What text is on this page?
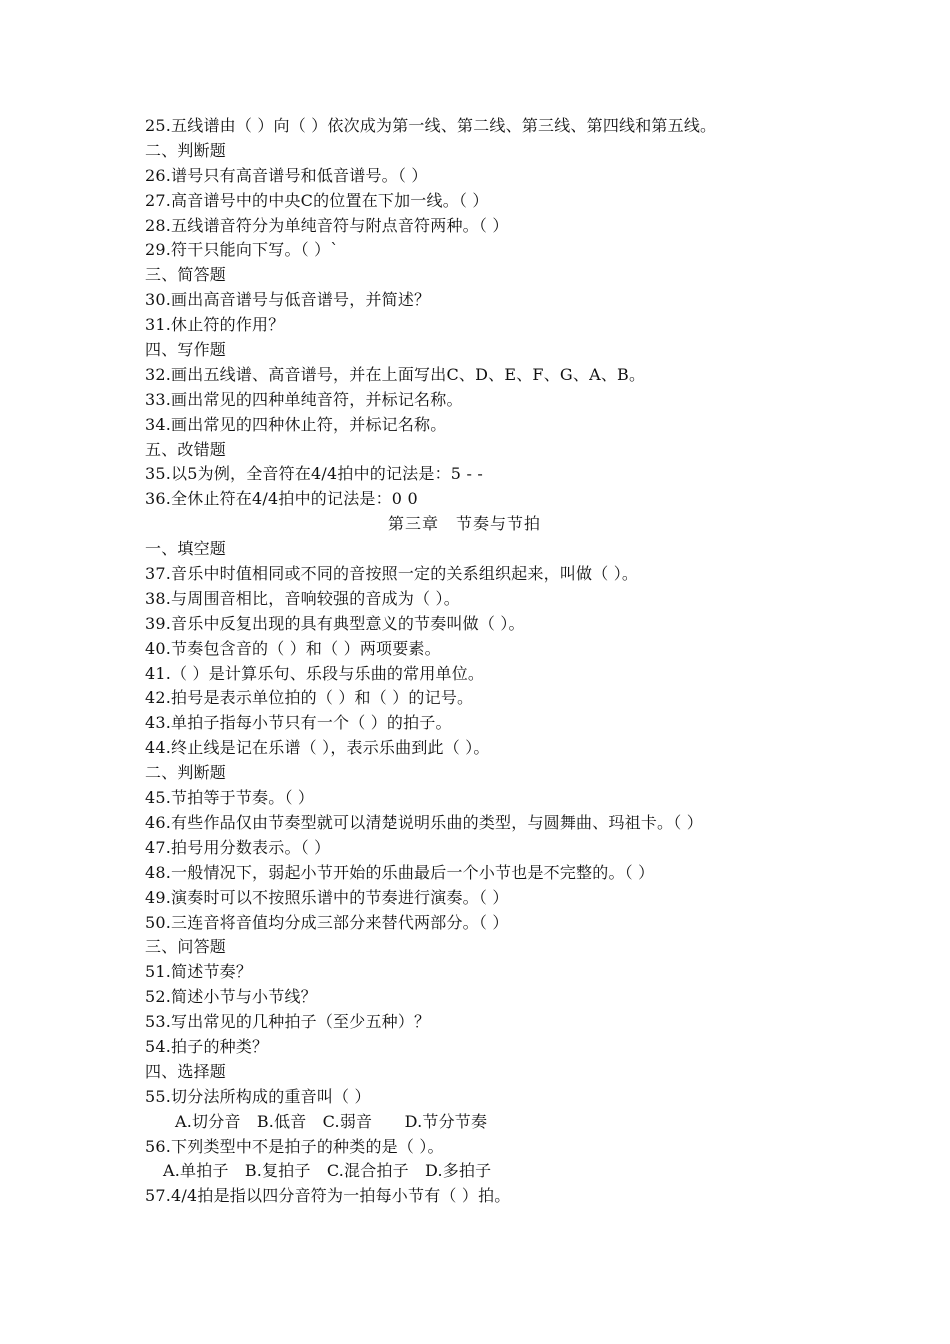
25.五线谱由（ ）向（ ）依次成为第一线、第二线、第三线、第四线和第五线。
二、判断题
26.谱号只有高音谱号和低音谱号。（ ）
27.高音谱号中的中央C的位置在下加一线。（ ）
28.五线谱音符分为单纯音符与附点音符两种。（ ）
29.符干只能向下写。（ ）`
三、简答题
30.画出高音谱号与低音谱号，并简述？
31.休止符的作用？
四、写作题
32.画出五线谱、高音谱号，并在上面写出C、D、E、F、G、A、B。
33.画出常见的四种单纯音符，并标记名称。
34.画出常见的四种休止符，并标记名称。
五、改错题
35.以5为例，全音符在4/4拍中的记法是：5 - -
36.全休止符在4/4拍中的记法是：0 0
第三章　节奏与节拍
一、填空题
37.音乐中时值相同或不同的音按照一定的关系组织起来，叫做（ ）。
38.与周围音相比，音响较强的音成为（ ）。
39.音乐中反复出现的具有典型意义的节奏叫做（ ）。
40.节奏包含音的（ ）和（ ）两项要素。
41.（ ）是计算乐句、乐段与乐曲的常用单位。
42.拍号是表示单位拍的（ ）和（ ）的记号。
43.单拍子指每小节只有一个（ ）的拍子。
44.终止线是记在乐谱（ ），表示乐曲到此（ ）。
二、判断题
45.节拍等于节奏。（ ）
46.有些作品仅由节奏型就可以清楚说明乐曲的类型，与圆舞曲、玛祖卡。（ ）
47.拍号用分数表示。（ ）
48.一般情况下，弱起小节开始的乐曲最后一个小节也是不完整的。（ ）
49.演奏时可以不按照乐谱中的节奏进行演奏。（ ）
50.三连音将音值均分成三部分来替代两部分。（ ）
三、问答题
51.简述节奏？
52.简述小节与小节线？
53.写出常见的几种拍子（至少五种）？
54.拍子的种类？
四、选择题
55.切分法所构成的重音叫（ ）
A.切分音　B.低音　C.弱音　　D.节分节奏
56.下列类型中不是拍子的种类的是（ ）。
A.单拍子　B.复拍子　C.混合拍子　D.多拍子
57.4/4拍是指以四分音符为一拍每小节有（ ）拍。
